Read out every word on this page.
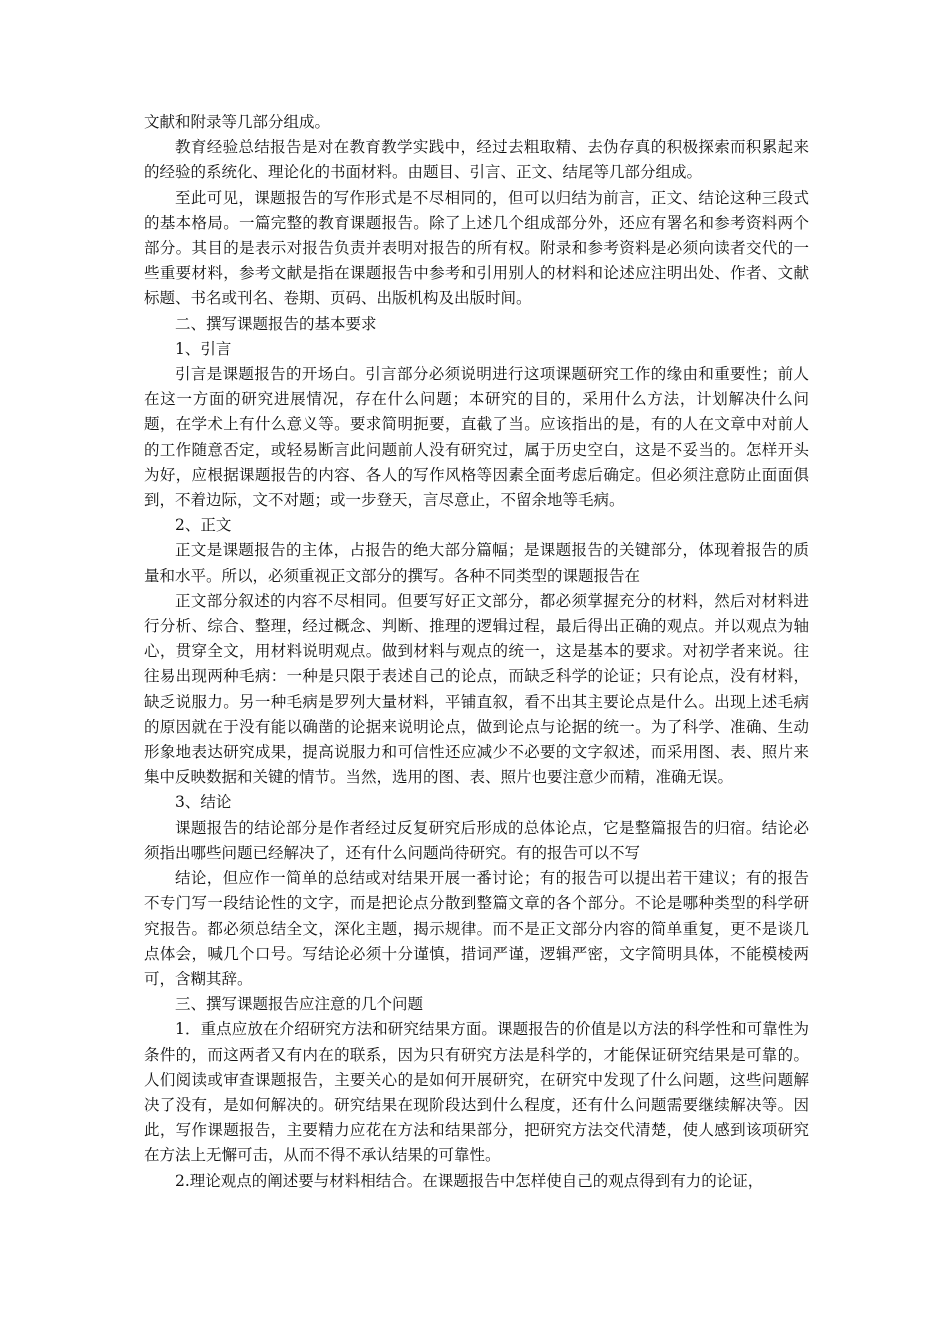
文献和附录等几部分组成。

教育经验总结报告是对在教育教学实践中，经过去粗取精、去伪存真的积极探索而积累起来的经验的系统化、理论化的书面材料。由题目、引言、正文、结尾等几部分组成。

至此可见，课题报告的写作形式是不尽相同的，但可以归结为前言，正文、结论这种三段式的基本格局。一篇完整的教育课题报告。除了上述几个组成部分外，还应有署名和参考资料两个部分。其目的是表示对报告负责并表明对报告的所有权。附录和参考资料是必须向读者交代的一些重要材料，参考文献是指在课题报告中参考和引用别人的材料和论述应注明出处、作者、文献标题、书名或刊名、卷期、页码、出版机构及出版时间。

二、撰写课题报告的基本要求

1、引言

引言是课题报告的开场白。引言部分必须说明进行这项课题研究工作的缘由和重要性；前人在这一方面的研究进展情况，存在什么问题；本研究的目的，采用什么方法，计划解决什么问题，在学术上有什么意义等。要求简明扼要，直截了当。应该指出的是，有的人在文章中对前人的工作随意否定，或轻易断言此问题前人没有研究过，属于历史空白，这是不妥当的。怎样开头为好，应根据课题报告的内容、各人的写作风格等因素全面考虑后确定。但必须注意防止面面俱到，不着边际，文不对题；或一步登天，言尽意止，不留余地等毛病。

2、正文

正文是课题报告的主体，占报告的绝大部分篇幅；是课题报告的关键部分，体现着报告的质量和水平。所以，必须重视正文部分的撰写。各种不同类型的课题报告在

正文部分叙述的内容不尽相同。但要写好正文部分，都必须掌握充分的材料，然后对材料进行分析、综合、整理，经过概念、判断、推理的逻辑过程，最后得出正确的观点。并以观点为轴心，贯穿全文，用材料说明观点。做到材料与观点的统一，这是基本的要求。对初学者来说。往往易出现两种毛病：一种是只限于表述自己的论点，而缺乏科学的论证；只有论点，没有材料，缺乏说服力。另一种毛病是罗列大量材料，平铺直叙，看不出其主要论点是什么。出现上述毛病的原因就在于没有能以确凿的论据来说明论点，做到论点与论据的统一。为了科学、准确、生动形象地表达研究成果，提高说服力和可信性还应减少不必要的文字叙述，而采用图、表、照片来集中反映数据和关键的情节。当然，选用的图、表、照片也要注意少而精，准确无误。

3、结论

课题报告的结论部分是作者经过反复研究后形成的总体论点，它是整篇报告的归宿。结论必须指出哪些问题已经解决了，还有什么问题尚待研究。有的报告可以不写

结论，但应作一简单的总结或对结果开展一番讨论；有的报告可以提出若干建议；有的报告不专门写一段结论性的文字，而是把论点分散到整篇文章的各个部分。不论是哪种类型的科学研究报告。都必须总结全文，深化主题，揭示规律。而不是正文部分内容的简单重复，更不是谈几点体会，喊几个口号。写结论必须十分谨慎，措词严谨，逻辑严密，文字简明具体，不能模棱两可，含糊其辞。

三、撰写课题报告应注意的几个问题

1．重点应放在介绍研究方法和研究结果方面。课题报告的价值是以方法的科学性和可靠性为条件的，而这两者又有内在的联系，因为只有研究方法是科学的，才能保证研究结果是可靠的。人们阅读或审查课题报告，主要关心的是如何开展研究，在研究中发现了什么问题，这些问题解决了没有，是如何解决的。研究结果在现阶段达到什么程度，还有什么问题需要继续解决等。因此，写作课题报告，主要精力应花在方法和结果部分，把研究方法交代清楚，使人感到该项研究在方法上无懈可击，从而不得不承认结果的可靠性。

2.理论观点的阐述要与材料相结合。在课题报告中怎样使自己的观点得到有力的论证，
